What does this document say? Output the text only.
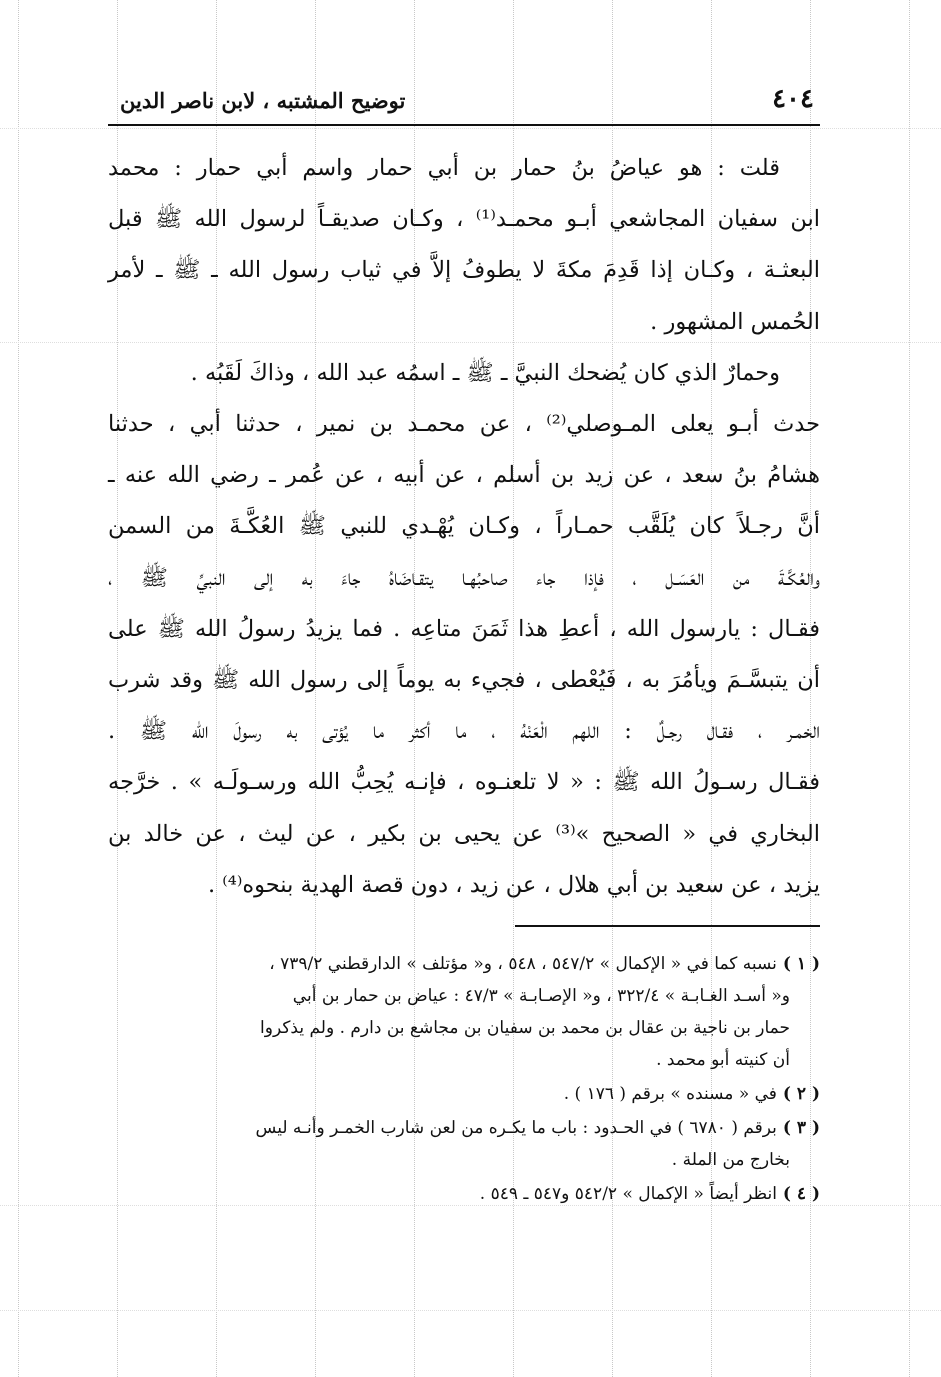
٤٠٤
توضيح المشتبه ، لابن ناصر الدين
قلت : هو عياضُ بنُ حمار بن أبي حمار واسم أبي حمار : محمد
ابن سفيان المجاشعي أبـو محمـد⁽¹⁾ ، وكـان صديقـاً لرسول الله ﷺ قبل
البعثـة ، وكـان إذا قَدِمَ مكةَ لا يطوفُ إلاَّ في ثياب رسول الله ـ ﷺ ـ لأمر
الحُمس المشهور .
وحمارٌ الذي كان يُضحك النبيَّ ـ ﷺ ـ اسمُه عبد الله ، وذاكَ لَقَبُه .
حدث أبـو يعلى المـوصلي⁽²⁾ ، عن محمـد بن نمير ، حدثنا أبي ، حدثنا
هشامُ بنُ سعد ، عن زيد بن أسلم ، عن أبيه ، عن عُمر ـ رضي الله عنه ـ
أنَّ رجـلاً كان يُلَقَّب حمـاراً ، وكـان يُهْـدي للنبي ﷺ العُكَّـةَ من السمن
والعُكَّـةَ من العَسَـل ، فإذا جاء صاحبُهـا يتقـاضَاهُ جاءَ به إلى النبيِّ ﷺ ،
فقـال : يارسول الله ، أعطِ هذا ثَمَنَ متاعِه . فما يزيدُ رسولُ الله ﷺ على
أن يتبسَّـمَ ويأمُرَ به ، فَيُعْطى ، فجيء به يوماً إلى رسول الله ﷺ وقد شرب
الخمـر ، فقـال رجـلٌ : اللهم الْعَنْهُ ، ما أكثر ما يُؤتى به رسولَ الله ﷺ .
فقـال رسـولُ الله ﷺ : « لا تلعنـوه ، فإنـه يُحِبُّ الله ورسـولَـه » . خرَّجه
البخاري في « الصحيح »⁽³⁾ عن يحيى بن بكير ، عن ليث ، عن خالد بن
يزيد ، عن سعيد بن أبي هلال ، عن زيد ، دون قصة الهدية بنحوه⁽⁴⁾ .
( ١ )نسبه كما في « الإكمال » ٥٤٧/٢ ، ٥٤٨ ، و« مؤتلف » الدارقطني ٧٣٩/٢ ،
و« أسـد الغـابـة » ٣٢٢/٤ ، و« الإصـابـة » ٤٧/٣ : عياض بن حمار بن أبي
حمار بن ناجية بن عقال بن محمد بن سفيان بن مجاشع بن دارم . ولم يذكروا
أن كنيته أبو محمد .
( ٢ )في « مسنده » برقم ( ١٧٦ ) .
( ٣ )برقم ( ٦٧٨٠ ) في الحـدود : باب ما يكـره من لعن شارب الخمـر وأنـه ليس
بخارج من الملة .
( ٤ )انظر أيضاً « الإكمال » ٥٤٢/٢ و٥٤٧ ـ ٥٤٩ .
